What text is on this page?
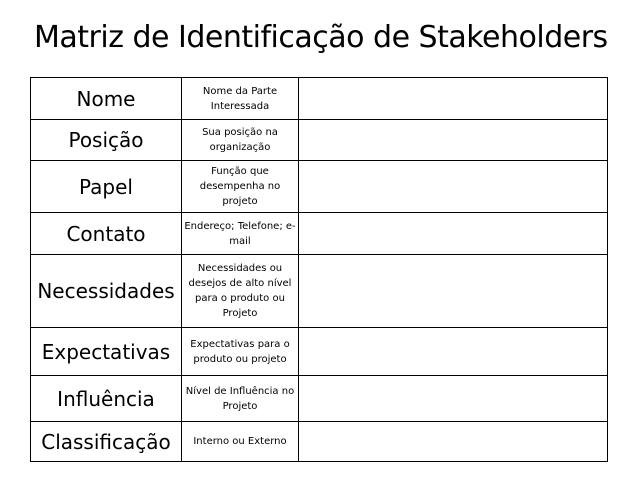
Matriz de Identificação de Stakeholders
Nome	Nome da Parte Interessada	
Posição	Sua posição na organização	
Papel	Função que desempenha no projeto	
Contato	Endereço; Telefone; e-mail	
Necessidades	Necessidades ou desejos de alto nível para o produto ou Projeto	
Expectativas	Expectativas para o produto ou projeto	
Influência	Nível de Influência no Projeto	
Classificação	Interno ou Externo	
